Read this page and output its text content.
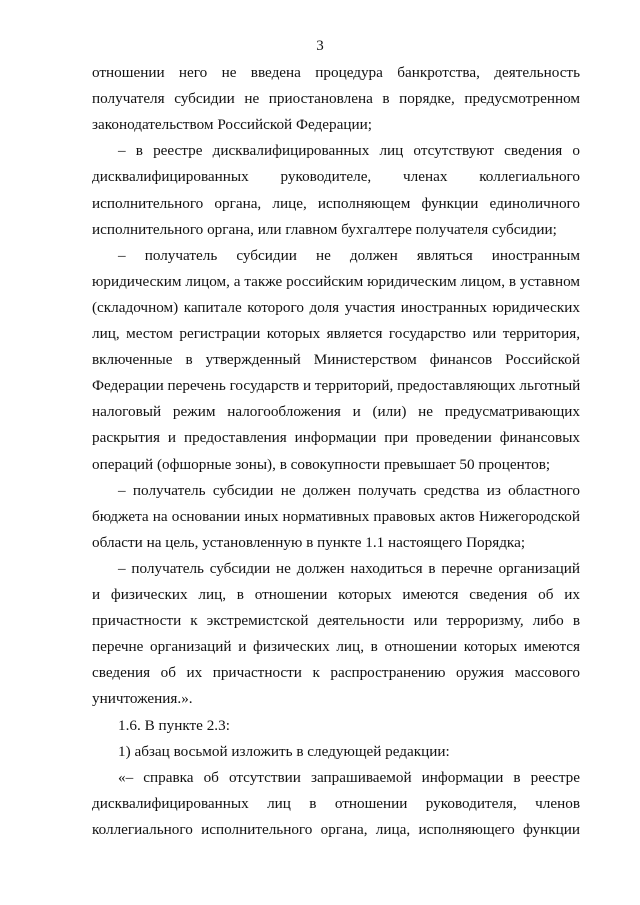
3
отношении него не введена процедура банкротства, деятельность
получателя субсидии не приостановлена в порядке, предусмотренном
законодательством Российской Федерации;
– в реестре дисквалифицированных лиц отсутствуют сведения о
дисквалифицированных руководителе, членах коллегиального
исполнительного органа, лице, исполняющем функции единоличного
исполнительного органа, или главном бухгалтере получателя субсидии;
– получатель субсидии не должен являться иностранным
юридическим лицом, а также российским юридическим лицом, в уставном
(складочном) капитале которого доля участия иностранных юридических
лиц, местом регистрации которых является государство или территория,
включенные в утвержденный Министерством финансов Российской
Федерации перечень государств и территорий, предоставляющих льготный
налоговый режим налогообложения и (или) не предусматривающих
раскрытия и предоставления информации при проведении финансовых
операций (офшорные зоны), в совокупности превышает 50 процентов;
– получатель субсидии не должен получать средства из областного
бюджета на основании иных нормативных правовых актов Нижегородской
области на цель, установленную в пункте 1.1 настоящего Порядка;
– получатель субсидии не должен находиться в перечне организаций
и физических лиц, в отношении которых имеются сведения об их
причастности к экстремистской деятельности или терроризму, либо в
перечне организаций и физических лиц, в отношении которых имеются
сведения об их причастности к распространению оружия массового
уничтожения.».
1.6. В пункте 2.3:
1) абзац восьмой изложить в следующей редакции:
«– справка об отсутствии запрашиваемой информации в реестре
дисквалифицированных лиц в отношении руководителя, членов
коллегиального исполнительного органа, лица, исполняющего функции
